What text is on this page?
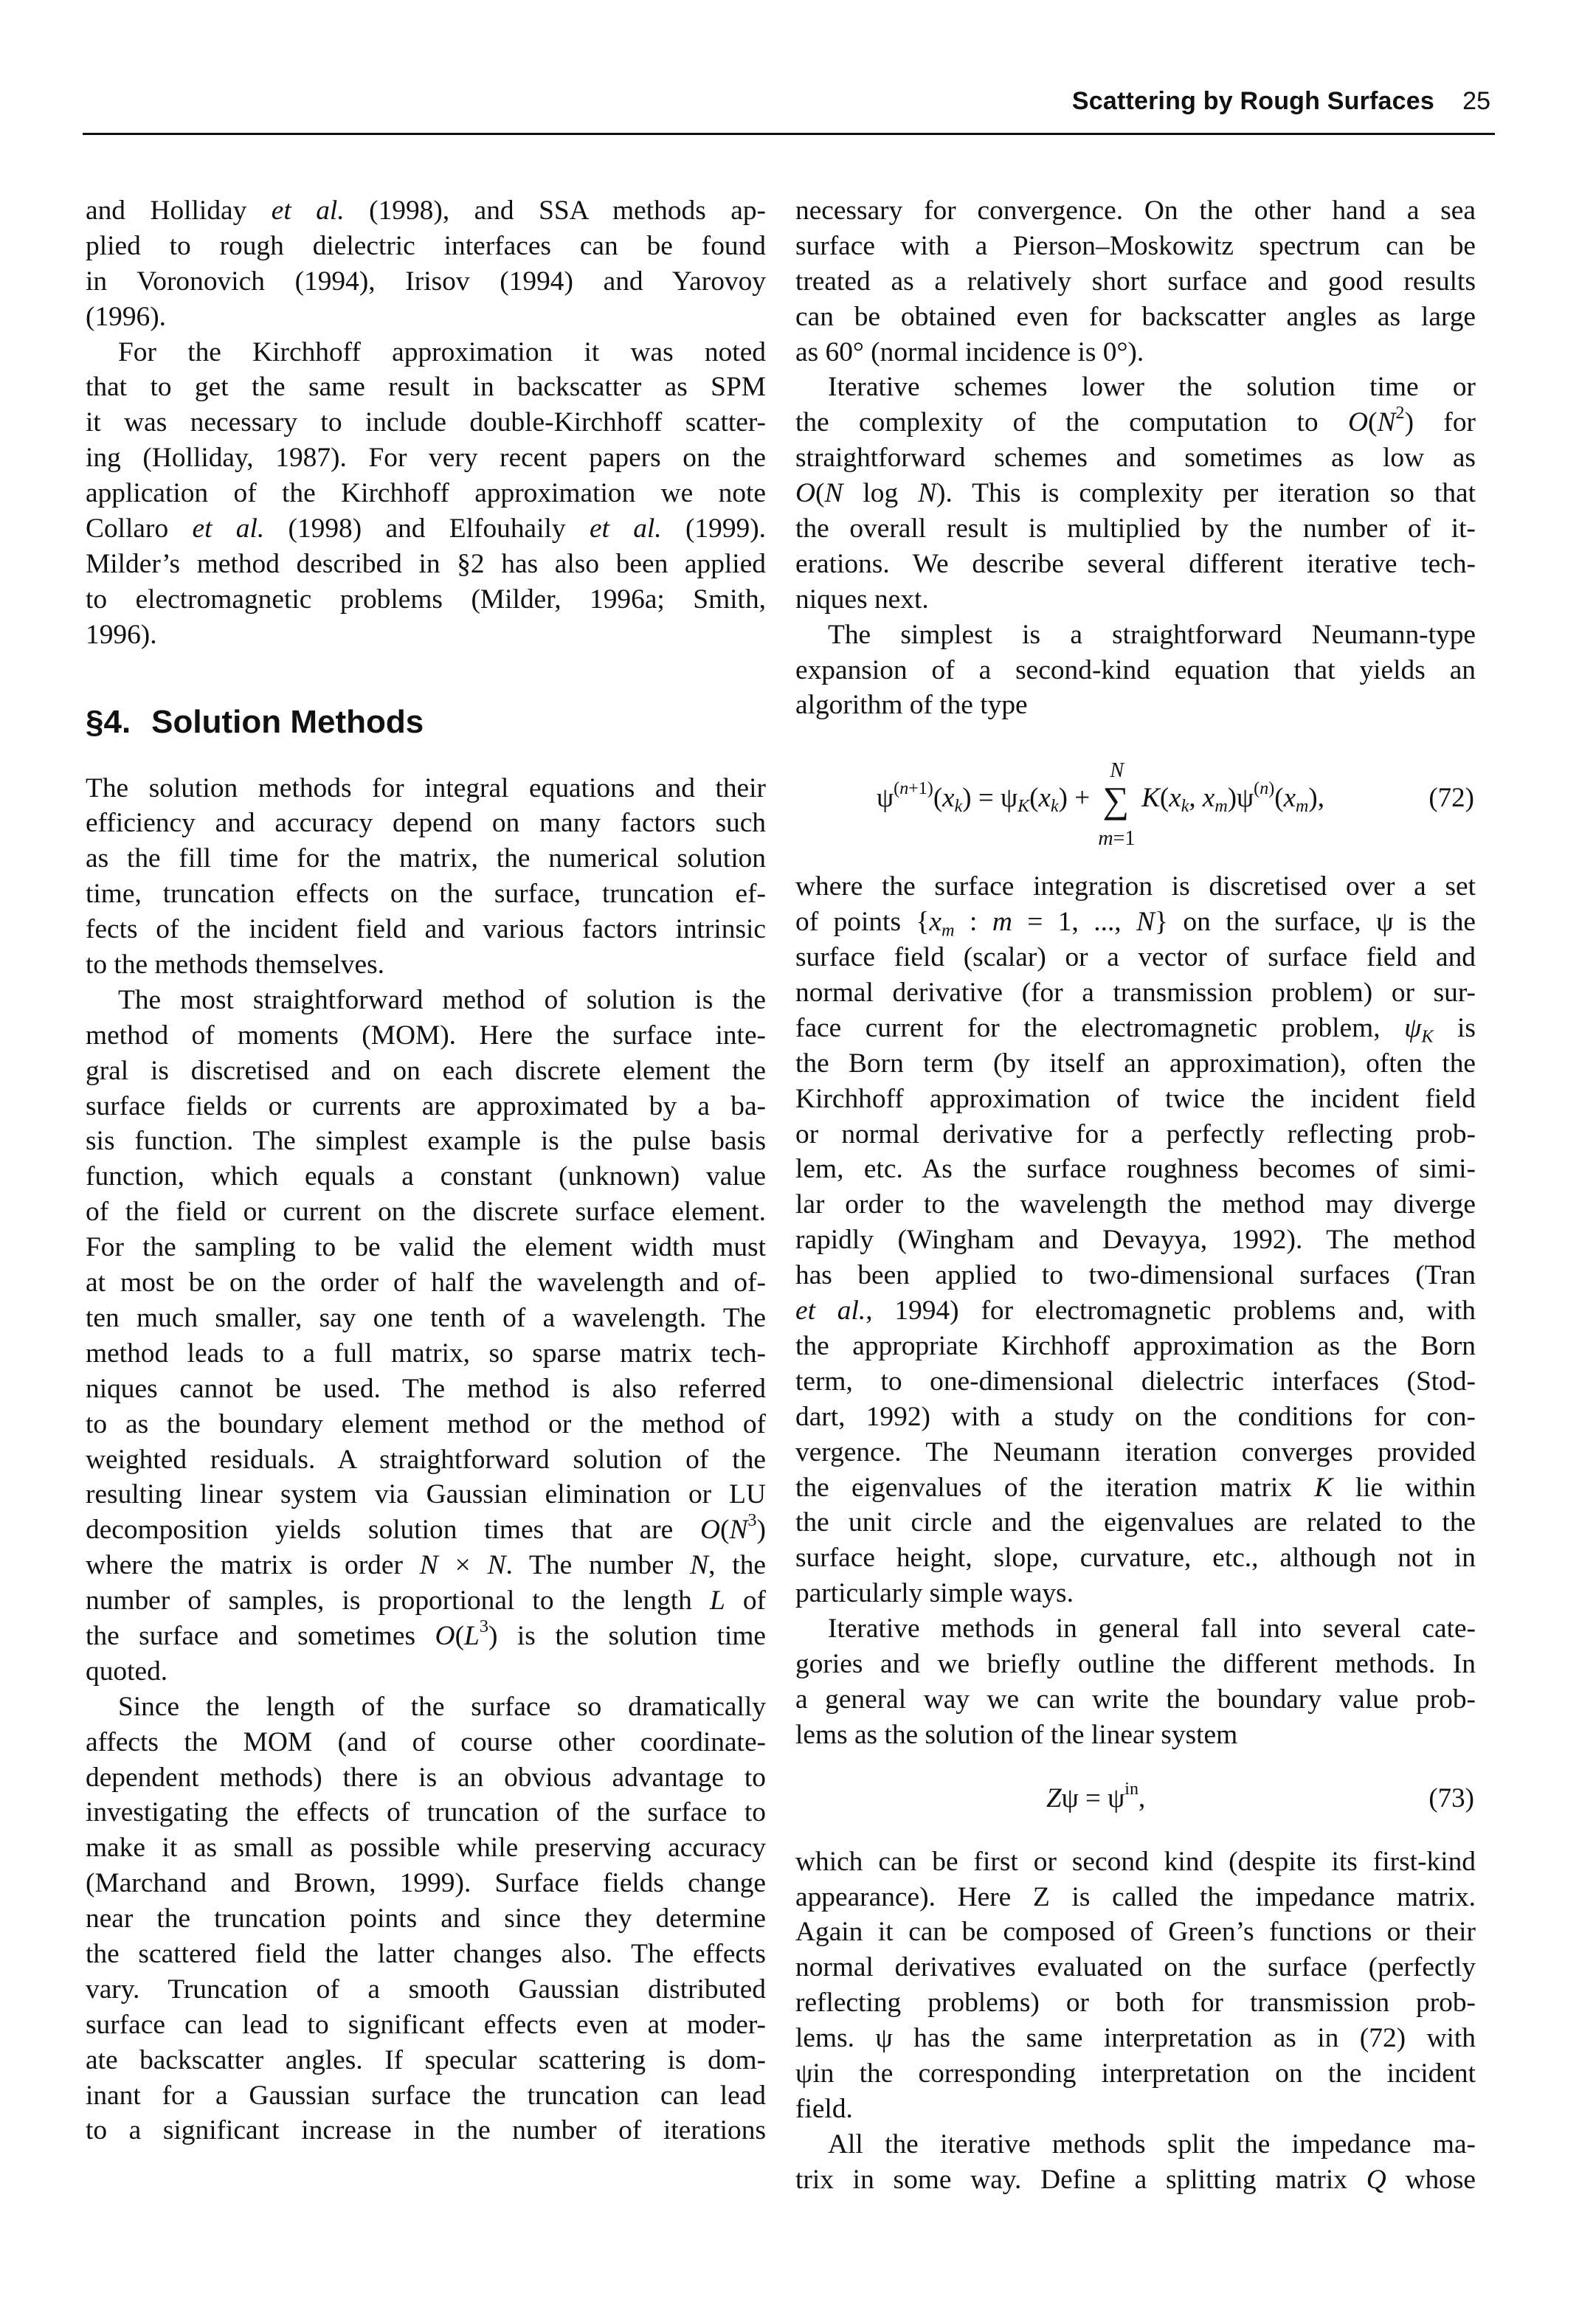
Scattering by Rough Surfaces 25
and Holliday et al. (1998), and SSA methods ap-
plied to rough dielectric interfaces can be found
in Voronovich (1994), Irisov (1994) and Yarovoy
(1996).
For the Kirchhoff approximation it was noted
that to get the same result in backscatter as SPM
it was necessary to include double-Kirchhoff scatter-
ing (Holliday, 1987). For very recent papers on the
application of the Kirchhoff approximation we note
Collaro et al. (1998) and Elfouhaily et al. (1999).
Milder’s method described in §2 has also been applied
to electromagnetic problems (Milder, 1996a; Smith,
1996).
§4. Solution Methods
The solution methods for integral equations and their
efficiency and accuracy depend on many factors such
as the fill time for the matrix, the numerical solution
time, truncation effects on the surface, truncation ef-
fects of the incident field and various factors intrinsic
to the methods themselves.
The most straightforward method of solution is the
method of moments (MOM). Here the surface inte-
gral is discretised and on each discrete element the
surface fields or currents are approximated by a ba-
sis function. The simplest example is the pulse basis
function, which equals a constant (unknown) value
of the field or current on the discrete surface element.
For the sampling to be valid the element width must
at most be on the order of half the wavelength and of-
ten much smaller, say one tenth of a wavelength. The
method leads to a full matrix, so sparse matrix tech-
niques cannot be used. The method is also referred
to as the boundary element method or the method of
weighted residuals. A straightforward solution of the
resulting linear system via Gaussian elimination or LU
decomposition yields solution times that are $O(N^3)$
where the matrix is order N × N. The number N, the
number of samples, is proportional to the length L of
the surface and sometimes $O(L^3)$ is the solution time
quoted.
Since the length of the surface so dramatically
affects the MOM (and of course other coordinate-
dependent methods) there is an obvious advantage to
investigating the effects of truncation of the surface to
make it as small as possible while preserving accuracy
(Marchand and Brown, 1999). Surface fields change
near the truncation points and since they determine
the scattered field the latter changes also. The effects
vary. Truncation of a smooth Gaussian distributed
surface can lead to significant effects even at moder-
ate backscatter angles. If specular scattering is dom-
inant for a Gaussian surface the truncation can lead
to a significant increase in the number of iterations
necessary for convergence. On the other hand a sea
surface with a Pierson–Moskowitz spectrum can be
treated as a relatively short surface and good results
can be obtained even for backscatter angles as large
as 60° (normal incidence is 0°).
Iterative schemes lower the solution time or
the complexity of the computation to $O(N^2)$ for
straightforward schemes and sometimes as low as
O(N log N). This is complexity per iteration so that
the overall result is multiplied by the number of it-
erations. We describe several different iterative tech-
niques next.
The simplest is a straightforward Neumann-type
expansion of a second-kind equation that yields an
algorithm of the type
$\psi^{(n+1)}(x_k) = \psi_K(x_k)$ + ∑
N
m=1
$K(x_k$, $x_m)\psi^{(n)}(x_m)$,	(72)
where the surface integration is discretised over a set
of points {$x_m$ : m = 1, ..., N} on the surface, ψ is the
surface field (scalar) or a vector of surface field and
normal derivative (for a transmission problem) or sur-
face current for the electromagnetic problem, $\psi_K$ is
the Born term (by itself an approximation), often the
Kirchhoff approximation of twice the incident field
or normal derivative for a perfectly reflecting prob-
lem, etc. As the surface roughness becomes of simi-
lar order to the wavelength the method may diverge
rapidly (Wingham and Devayya, 1992). The method
has been applied to two-dimensional surfaces (Tran
et al., 1994) for electromagnetic problems and, with
the appropriate Kirchhoff approximation as the Born
term, to one-dimensional dielectric interfaces (Stod-
dart, 1992) with a study on the conditions for con-
vergence. The Neumann iteration converges provided
the eigenvalues of the iteration matrix K lie within
the unit circle and the eigenvalues are related to the
surface height, slope, curvature, etc., although not in
particularly simple ways.
Iterative methods in general fall into several cate-
gories and we briefly outline the different methods. In
a general way we can write the boundary value prob-
lems as the solution of the linear system
$Z\psi = \psi^{in}$,	(73)
which can be first or second kind (despite its first-kind
appearance). Here Z is called the impedance matrix.
Again it can be composed of Green’s functions or their
normal derivatives evaluated on the surface (perfectly
reflecting problems) or both for transmission prob-
lems. ψ has the same interpretation as in (72) with
ψin the corresponding interpretation on the incident
field.
All the iterative methods split the impedance ma-
trix in some way. Define a splitting matrix Q whose
